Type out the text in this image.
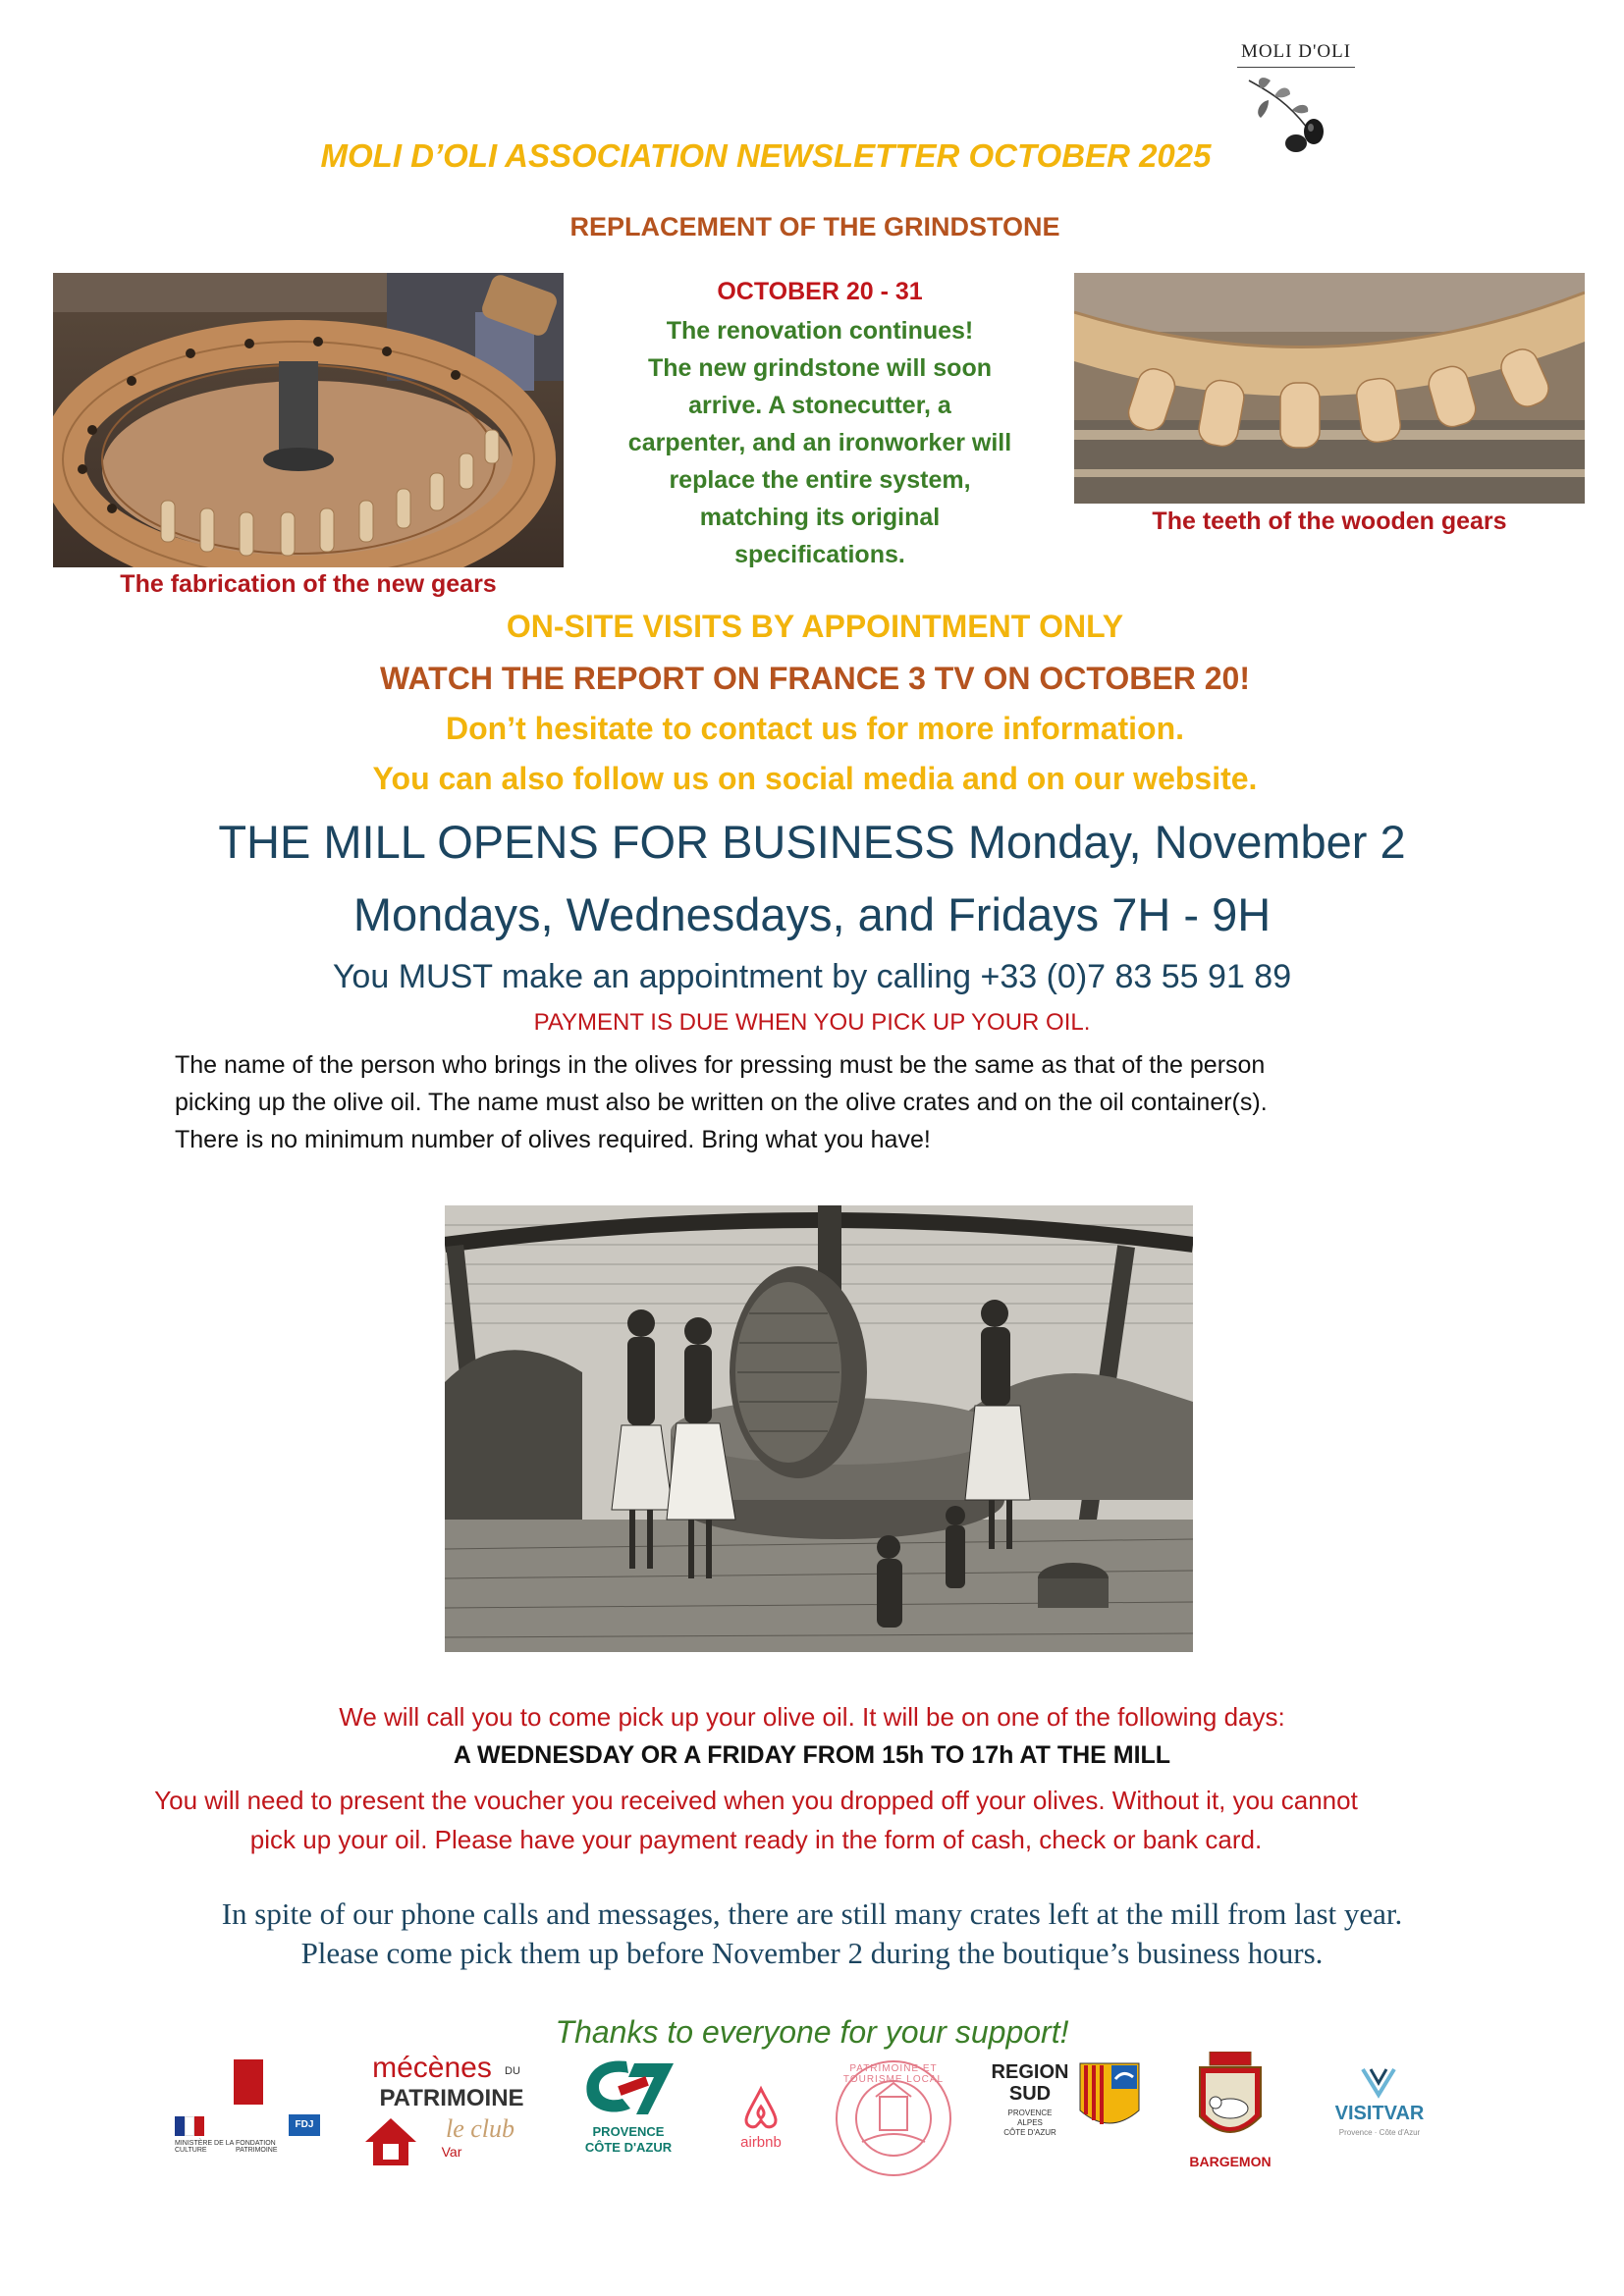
MOLI D'OLI
MOLI D’OLI ASSOCIATION NEWSLETTER OCTOBER 2025
REPLACEMENT OF THE GRINDSTONE
The fabrication of the new gears
OCTOBER 20 - 31
The renovation continues!
The new grindstone will soon
arrive. A stonecutter, a
carpenter, and an ironworker will
replace the entire system,
matching its original
specifications.
The teeth of the wooden gears
ON-SITE VISITS BY APPOINTMENT ONLY
WATCH THE REPORT ON FRANCE 3 TV ON OCTOBER 20!
Don’t hesitate to contact us for more information.
You can also follow us on social media and on our website.
THE MILL OPENS FOR BUSINESS Monday, November 2
Mondays, Wednesdays, and Fridays 7H - 9H
You MUST make an appointment by calling +33 (0)7 83 55 91 89
PAYMENT IS DUE WHEN YOU PICK UP YOUR OIL.
The name of the person who brings in the olives for pressing must be the same as that of the person
picking up the olive oil. The name must also be written on the olive crates and on the oil container(s).
There is no minimum number of olives required. Bring what you have!
We will call you to come pick up your olive oil. It will be on one of the following days:
A WEDNESDAY OR A FRIDAY FROM 15h TO 17h AT THE MILL
You will need to present the voucher you received when you dropped off your olives. Without it, you cannot
pick up your oil. Please have your payment ready in the form of cash, check or bank card.
In spite of our phone calls and messages, there are still many crates left at the mill from last year.
Please come pick them up before November 2 during the boutique’s business hours.
Thanks to everyone for your support!
MINISTÈRE DE LA CULTURE
FONDATION PATRIMOINE
FDJ
mécènes	DU
PATRIMOINE
le club
Var
PROVENCE
CÔTE D'AZUR	airbnb
PATRIMOINE ET TOURISME LOCAL	REGION
SUD
PROVENCE
ALPES
CÔTE D'AZUR
BARGEMON
VISITVAR
Provence · Côte d'Azur
